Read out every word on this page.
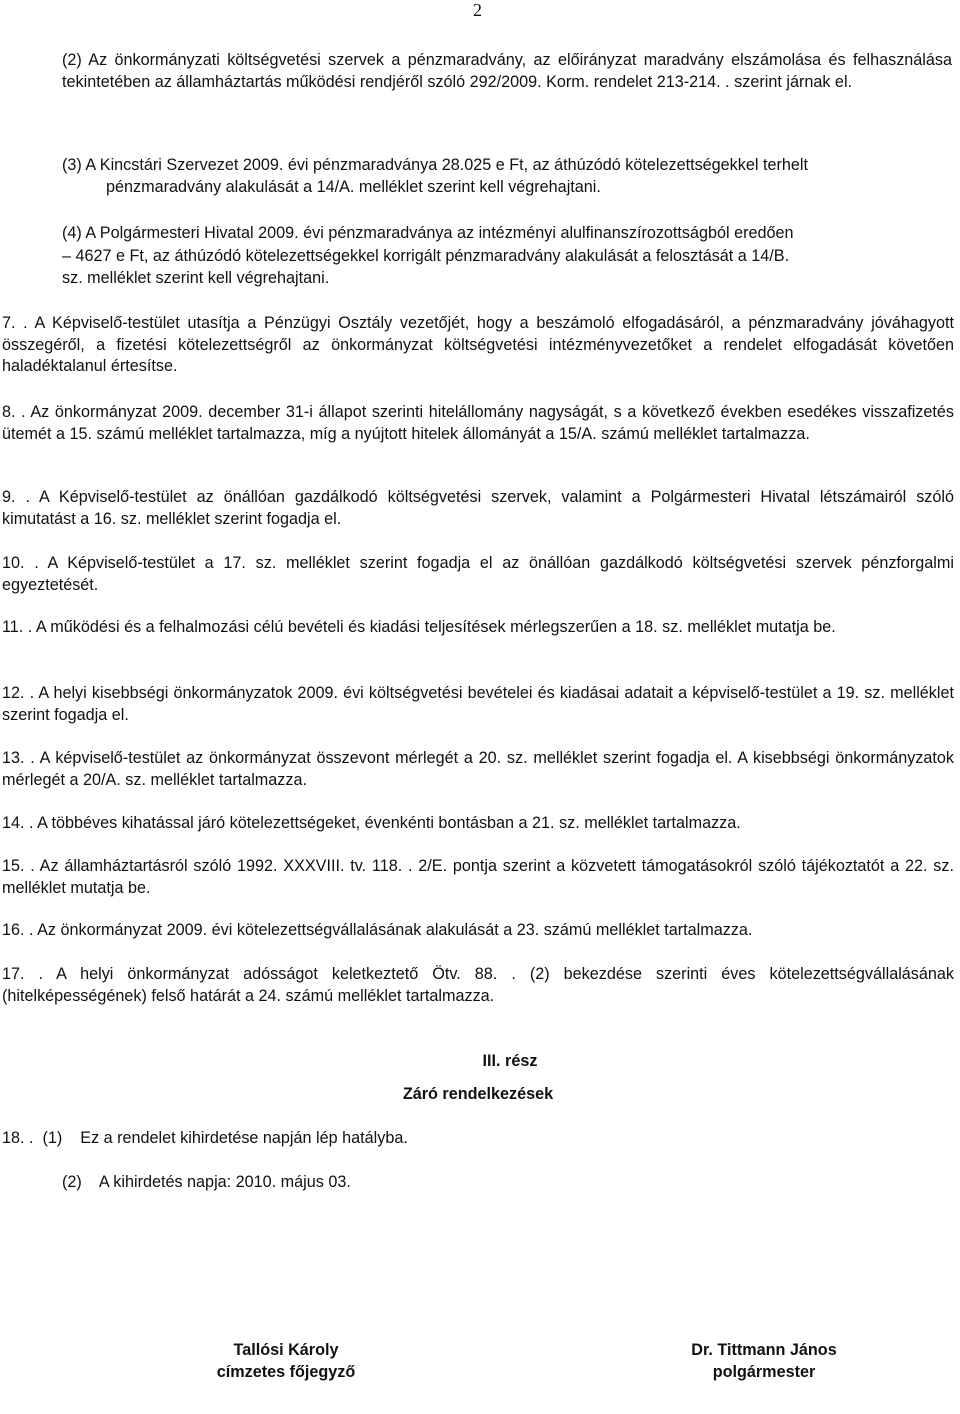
2
(2) Az önkormányzati költségvetési szervek a pénzmaradvány, az előirányzat maradvány elszámolása és felhasználása tekintetében az államháztartás működési rendjéről szóló 292/2009. Korm. rendelet 213-214. . szerint járnak el.
(3) A Kincstári Szervezet 2009. évi pénzmaradványa 28.025 e Ft, az áthúzódó kötelezettségekkel terhelt
pénzmaradvány alakulását a 14/A. melléklet szerint kell végrehajtani.
(4) A Polgármesteri Hivatal 2009. évi pénzmaradványa az intézményi alulfinanszírozottságból eredően
– 4627 e Ft, az áthúzódó kötelezettségekkel korrigált pénzmaradvány alakulását a felosztását a 14/B.
sz. melléklet szerint kell végrehajtani.
7. . A Képviselő-testület utasítja a Pénzügyi Osztály vezetőjét, hogy a beszámoló elfogadásáról, a pénzmaradvány jóváhagyott összegéről, a fizetési kötelezettségről az önkormányzat költségvetési intézményvezetőket a rendelet elfogadását követően haladéktalanul értesítse.
8. . Az önkormányzat 2009. december 31-i állapot szerinti hitelállomány nagyságát, s a következő években esedékes visszafizetés ütemét a 15. számú melléklet tartalmazza, míg a nyújtott hitelek állományát a 15/A. számú melléklet tartalmazza.
9. . A Képviselő-testület az önállóan gazdálkodó költségvetési szervek, valamint a Polgármesteri Hivatal létszámairól szóló kimutatást a 16. sz. melléklet szerint fogadja el.
10. . A Képviselő-testület a 17. sz. melléklet szerint fogadja el az önállóan gazdálkodó költségvetési szervek pénzforgalmi egyeztetését.
11. . A működési és a felhalmozási célú bevételi és kiadási teljesítések mérlegszerűen a 18. sz. melléklet mutatja be.
12. . A helyi kisebbségi önkormányzatok 2009. évi költségvetési bevételei és kiadásai adatait a képviselő-testület a 19. sz. melléklet szerint fogadja el.
13. . A képviselő-testület az önkormányzat összevont mérlegét a 20. sz. melléklet szerint fogadja el. A kisebbségi önkormányzatok mérlegét a 20/A. sz. melléklet tartalmazza.
14. . A többéves kihatással járó kötelezettségeket, évenkénti bontásban a 21. sz. melléklet tartalmazza.
15. . Az államháztartásról szóló 1992. XXXVIII. tv. 118. . 2/E. pontja szerint a közvetett támogatásokról szóló tájékoztatót a 22. sz. melléklet mutatja be.
16. . Az önkormányzat 2009. évi kötelezettségvállalásának alakulását a 23. számú melléklet tartalmazza.
17. . A helyi önkormányzat adósságot keletkeztető Ötv. 88. . (2) bekezdése szerinti éves kötelezettségvállalásának (hitelképességének) felső határát a 24. számú melléklet tartalmazza.
III. rész
Záró rendelkezések
18. .  (1)    Ez a rendelet kihirdetése napján lép hatályba.
(2)    A kihirdetés napja: 2010. május 03.
Tallósi Károly
címzetes főjegyző
Dr. Tittmann János
polgármester
